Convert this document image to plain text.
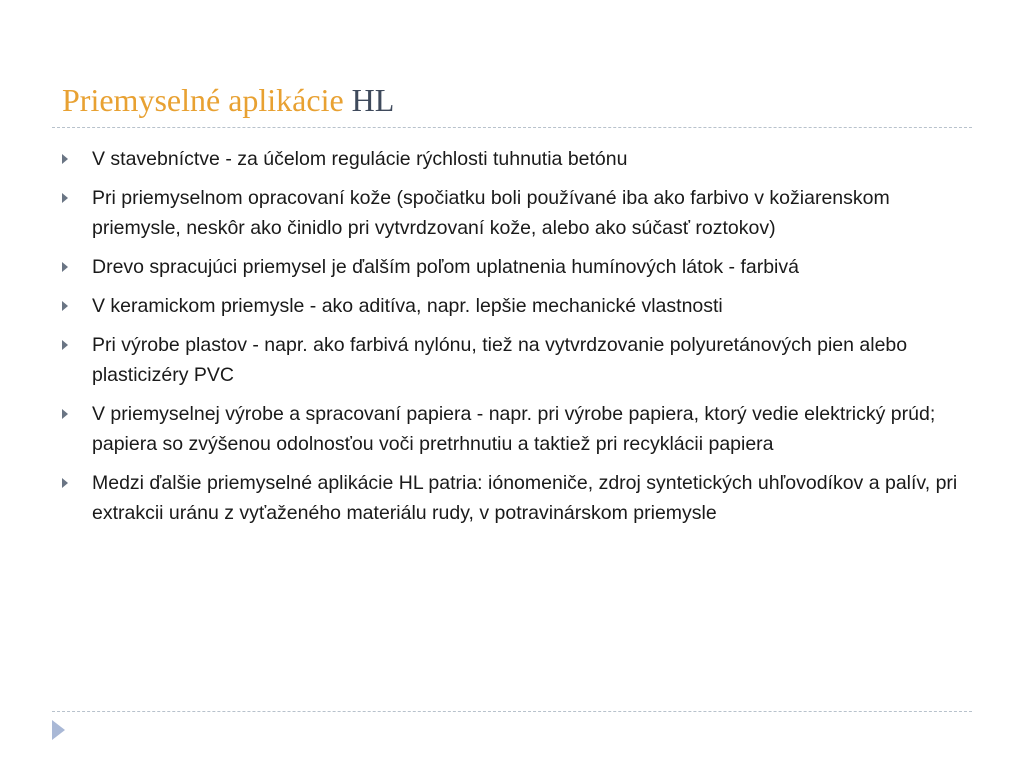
Priemyselné aplikácie HL
V stavebníctve - za účelom regulácie rýchlosti tuhnutia betónu
Pri priemyselnom opracovaní kože (spočiatku boli používané iba ako farbivo v kožiarenskom priemysle, neskôr ako činidlo pri vytvrdzovaní kože, alebo ako súčasť roztokov)
Drevo spracujúci priemysel je ďalším poľom uplatnenia humínových látok - farbivá
V keramickom priemysle - ako aditíva, napr. lepšie mechanické vlastnosti
Pri výrobe plastov - napr. ako farbivá nylónu, tiež na vytvrdzovanie polyuretánových pien alebo plasticizéry PVC
V priemyselnej výrobe a spracovaní papiera - napr. pri výrobe papiera, ktorý vedie elektrický prúd; papiera so zvýšenou odolnosťou voči pretrhnutiu a taktiež pri recyklácii papiera
Medzi ďalšie priemyselné aplikácie HL patria: iónomeniče, zdroj syntetických uhľovodíkov a palív, pri extrakcii uránu z vyťaženého materiálu rudy, v potravinárskom priemysle
